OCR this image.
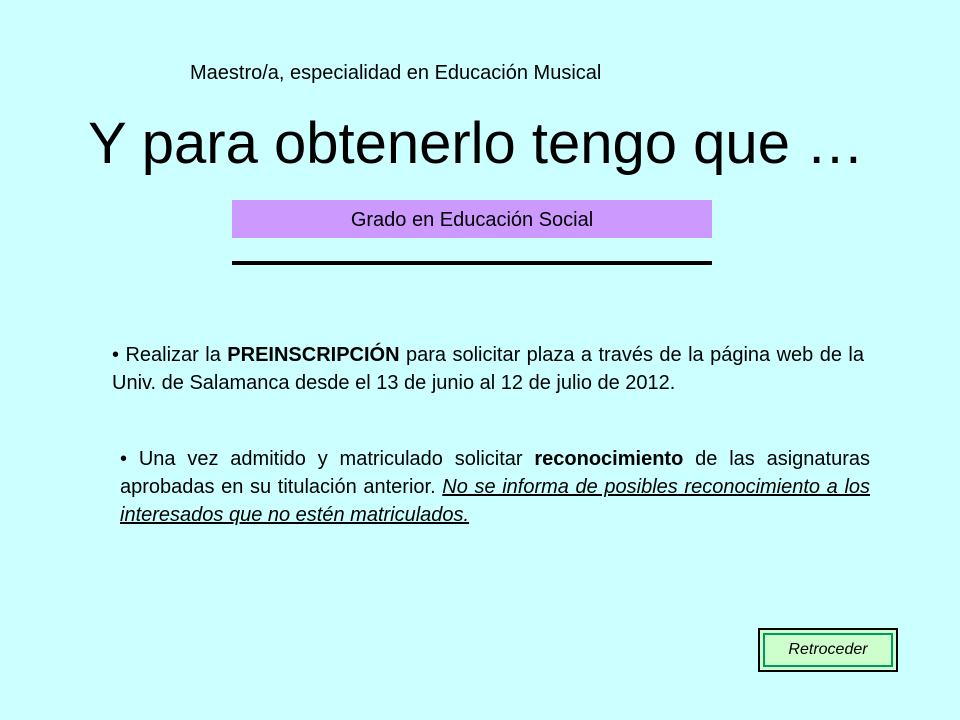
Maestro/a, especialidad en Educación Musical
Y para obtenerlo tengo que …
Grado en Educación Social
• Realizar la PREINSCRIPCIÓN para solicitar plaza a través de la página web de la Univ. de Salamanca desde el 13 de junio al 12 de julio de 2012.
• Una vez admitido y matriculado solicitar reconocimiento de las asignaturas aprobadas en su titulación anterior. No se informa de posibles reconocimiento a los interesados que no estén matriculados.
Retroceder
